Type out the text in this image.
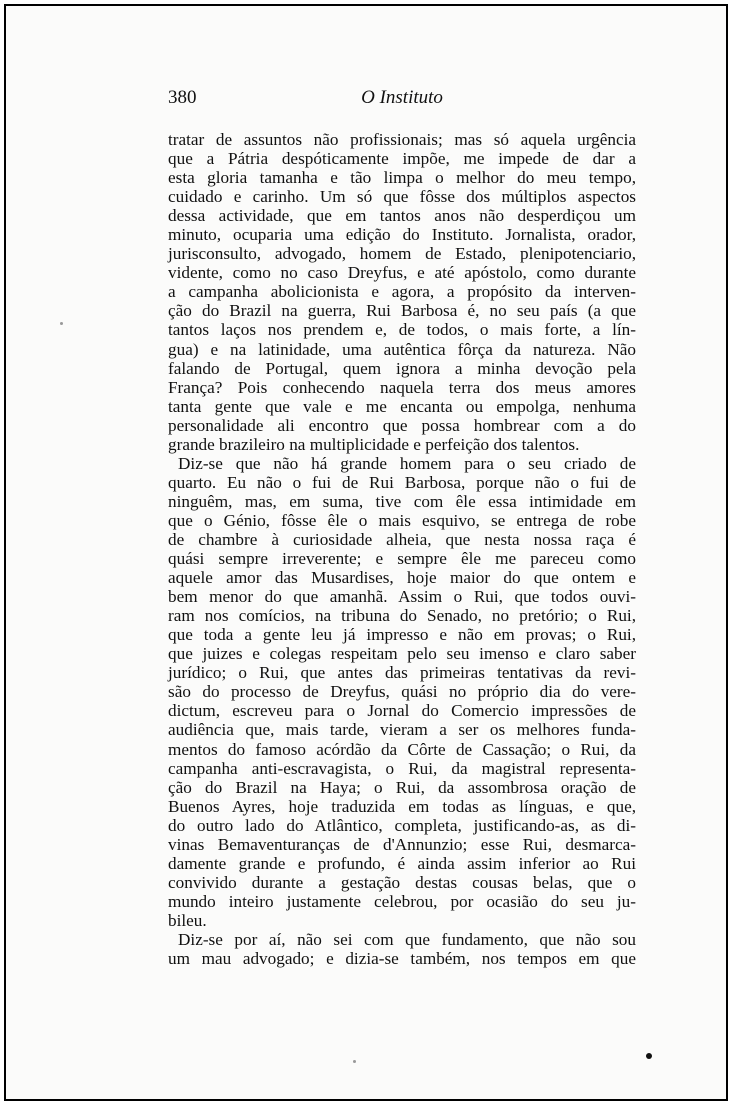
380	O Instituto
tratar de assuntos não profissionais; mas só aquela urgência
que a Pátria despóticamente impõe, me impede de dar a
esta gloria tamanha e tão limpa o melhor do meu tempo,
cuidado e carinho. Um só que fôsse dos múltiplos aspectos
dessa actividade, que em tantos anos não desperdiçou um
minuto, ocuparia uma edição do Instituto. Jornalista, orador,
jurisconsulto, advogado, homem de Estado, plenipotenciario,
vidente, como no caso Dreyfus, e até apóstolo, como durante
a campanha abolicionista e agora, a propósito da interven-
ção do Brazil na guerra, Rui Barbosa é, no seu país (a que
tantos laços nos prendem e, de todos, o mais forte, a lín-
gua) e na latinidade, uma autêntica fôrça da natureza. Não
falando de Portugal, quem ignora a minha devoção pela
França? Pois conhecendo naquela terra dos meus amores
tanta gente que vale e me encanta ou empolga, nenhuma
personalidade ali encontro que possa hombrear com a do
grande brazileiro na multiplicidade e perfeição dos talentos.
Diz-se que não há grande homem para o seu criado de
quarto. Eu não o fui de Rui Barbosa, porque não o fui de
ninguêm, mas, em suma, tive com êle essa intimidade em
que o Génio, fôsse êle o mais esquivo, se entrega de robe
de chambre à curiosidade alheia, que nesta nossa raça é
quási sempre irreverente; e sempre êle me pareceu como
aquele amor das Musardises, hoje maior do que ontem e
bem menor do que amanhã. Assim o Rui, que todos ouvi-
ram nos comícios, na tribuna do Senado, no pretório; o Rui,
que toda a gente leu já impresso e não em provas; o Rui,
que juizes e colegas respeitam pelo seu imenso e claro saber
jurídico; o Rui, que antes das primeiras tentativas da revi-
são do processo de Dreyfus, quási no próprio dia do vere-
dictum, escreveu para o Jornal do Comercio impressões de
audiência que, mais tarde, vieram a ser os melhores funda-
mentos do famoso acórdão da Côrte de Cassação; o Rui, da
campanha anti-escravagista, o Rui, da magistral representa-
ção do Brazil na Haya; o Rui, da assombrosa oração de
Buenos Ayres, hoje traduzida em todas as línguas, e que,
do outro lado do Atlântico, completa, justificando-as, as di-
vinas Bemaventuranças de d'Annunzio; esse Rui, desmarca-
damente grande e profundo, é ainda assim inferior ao Rui
convivido durante a gestação destas cousas belas, que o
mundo inteiro justamente celebrou, por ocasião do seu ju-
bileu.
Diz-se por aí, não sei com que fundamento, que não sou
um mau advogado; e dizia-se também, nos tempos em que
